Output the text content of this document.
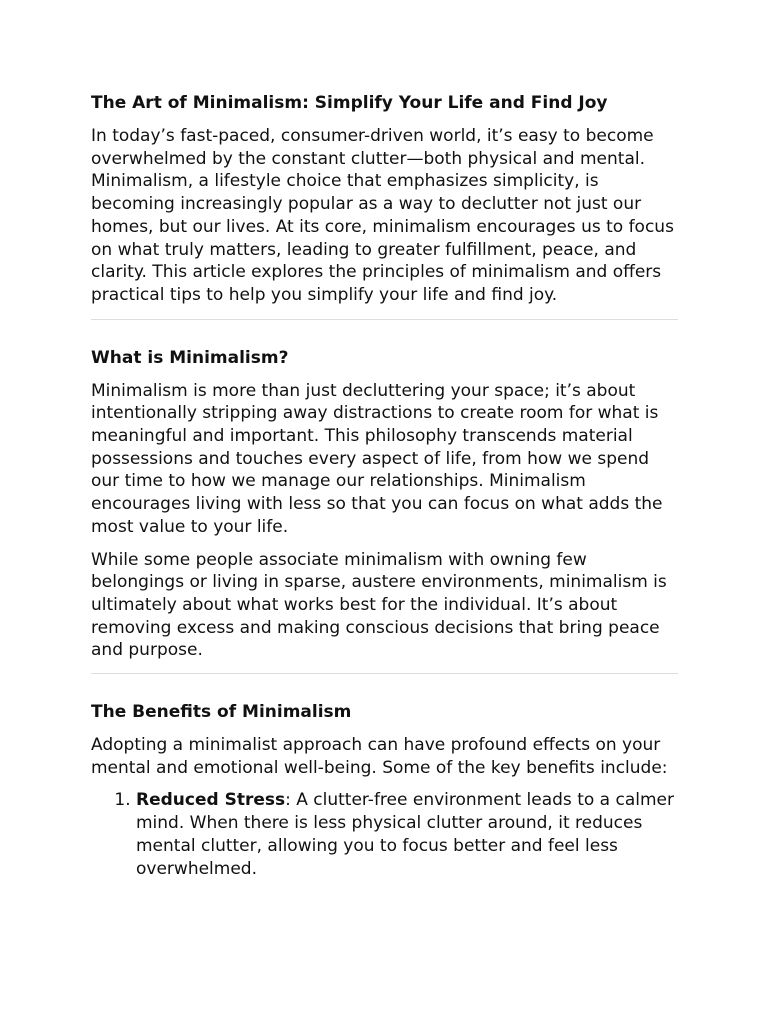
The Art of Minimalism: Simplify Your Life and Find Joy

In today’s fast-paced, consumer-driven world, it’s easy to become overwhelmed by the constant clutter—both physical and mental. Minimalism, a lifestyle choice that emphasizes simplicity, is becoming increasingly popular as a way to declutter not just our homes, but our lives. At its core, minimalism encourages us to focus on what truly matters, leading to greater fulfillment, peace, and clarity. This article explores the principles of minimalism and offers practical tips to help you simplify your life and find joy.

What is Minimalism?

Minimalism is more than just decluttering your space; it’s about intentionally stripping away distractions to create room for what is meaningful and important. This philosophy transcends material possessions and touches every aspect of life, from how we spend our time to how we manage our relationships. Minimalism encourages living with less so that you can focus on what adds the most value to your life.

While some people associate minimalism with owning few belongings or living in sparse, austere environments, minimalism is ultimately about what works best for the individual. It’s about removing excess and making conscious decisions that bring peace and purpose.

The Benefits of Minimalism

Adopting a minimalist approach can have profound effects on your mental and emotional well-being. Some of the key benefits include:

1. Reduced Stress: A clutter-free environment leads to a calmer mind. When there is less physical clutter around, it reduces mental clutter, allowing you to focus better and feel less overwhelmed.
